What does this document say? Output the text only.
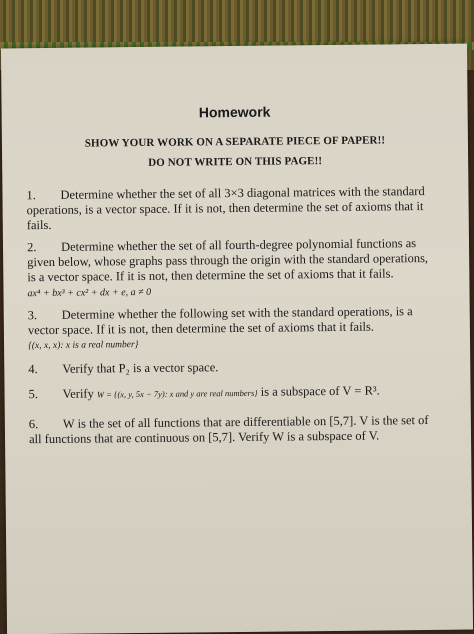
Homework
SHOW YOUR WORK ON A SEPARATE PIECE OF PAPER!!
DO NOT WRITE ON THIS PAGE!!
1. Determine whether the set of all 3×3 diagonal matrices with the standard operations, is a vector space. If it is not, then determine the set of axioms that it fails.
2. Determine whether the set of all fourth-degree polynomial functions as given below, whose graphs pass through the origin with the standard operations, is a vector space. If it is not, then determine the set of axioms that it fails.
ax⁴ + bx³ + cx² + dx + e, a ≠ 0
3. Determine whether the following set with the standard operations, is a vector space. If it is not, then determine the set of axioms that it fails.
{(x, x, x): x is a real number}
4. Verify that P₂ is a vector space.
5. Verify W = {(x, y, 5x − 7y): x and y are real numbers} is a subspace of V = R³.
6. W is the set of all functions that are differentiable on [5,7]. V is the set of all functions that are continuous on [5,7]. Verify W is a subspace of V.
